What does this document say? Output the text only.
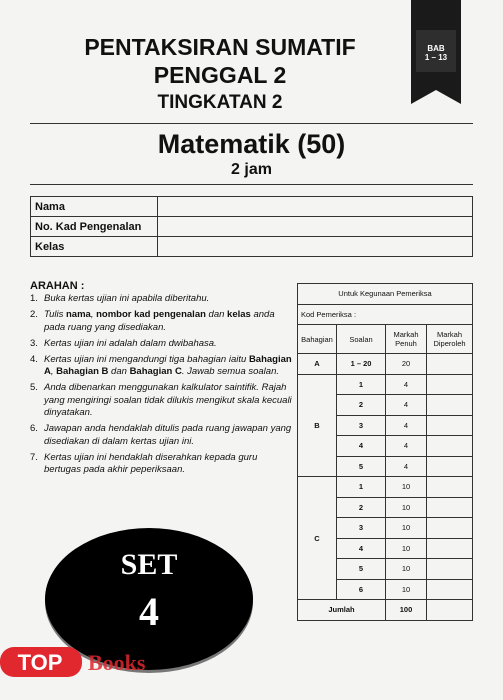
PENTAKSIRAN SUMATIF
PENGGAL 2
TINGKATAN 2
BAB
1 – 13
Matematik (50)
2 jam
Nama	
No. Kad Pengenalan	
Kelas	
ARAHAN :
1. Buka kertas ujian ini apabila diberitahu.
2. Tulis nama, nombor kad pengenalan dan kelas anda pada ruang yang disediakan.
3. Kertas ujian ini adalah dalam dwibahasa.
4. Kertas ujian ini mengandungi tiga bahagian iaitu Bahagian A, Bahagian B dan Bahagian C. Jawab semua soalan.
5. Anda dibenarkan menggunakan kalkulator saintifik. Rajah yang mengiringi soalan tidak dilukis mengikut skala kecuali dinyatakan.
6. Jawapan anda hendaklah ditulis pada ruang jawapan yang disediakan di dalam kertas ujian ini.
7. Kertas ujian ini hendaklah diserahkan kepada guru bertugas pada akhir peperiksaan.
SET
4
TOP Books
Untuk Kegunaan Pemeriksa			
Kod Pemeriksa :			
Bahagian	Soalan	Markah Penuh	Markah Diperoleh
A	1 – 20	20	
B	1	4	
	2	4	
	3	4	
	4	4	
	5	4	
C	1	10	
	2	10	
	3	10	
	4	10	
	5	10	
	6	10	
Jumlah		100	
